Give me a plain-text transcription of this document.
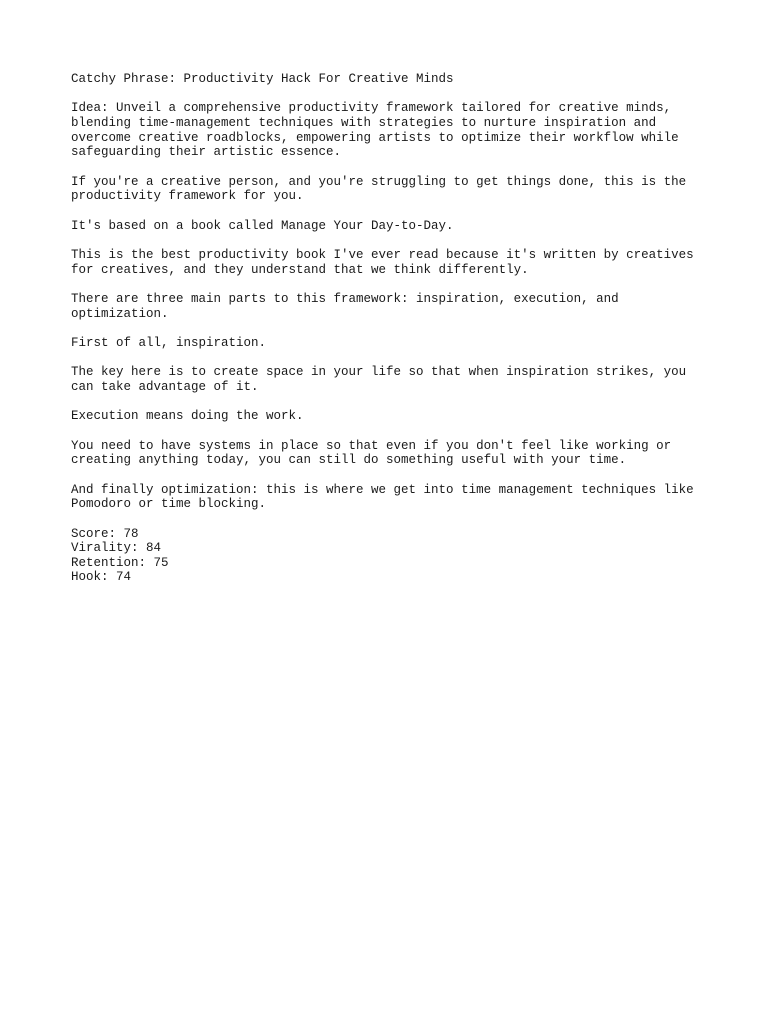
Catchy Phrase: Productivity Hack For Creative Minds

Idea: Unveil a comprehensive productivity framework tailored for creative minds,
blending time-management techniques with strategies to nurture inspiration and
overcome creative roadblocks, empowering artists to optimize their workflow while
safeguarding their artistic essence.

If you're a creative person, and you're struggling to get things done, this is the
productivity framework for you.

It's based on a book called Manage Your Day-to-Day.

This is the best productivity book I've ever read because it's written by creatives
for creatives, and they understand that we think differently.

There are three main parts to this framework: inspiration, execution, and
optimization.

First of all, inspiration.

The key here is to create space in your life so that when inspiration strikes, you
can take advantage of it.

Execution means doing the work.

You need to have systems in place so that even if you don't feel like working or
creating anything today, you can still do something useful with your time.

And finally optimization: this is where we get into time management techniques like
Pomodoro or time blocking.

Score: 78
Virality: 84
Retention: 75
Hook: 74
